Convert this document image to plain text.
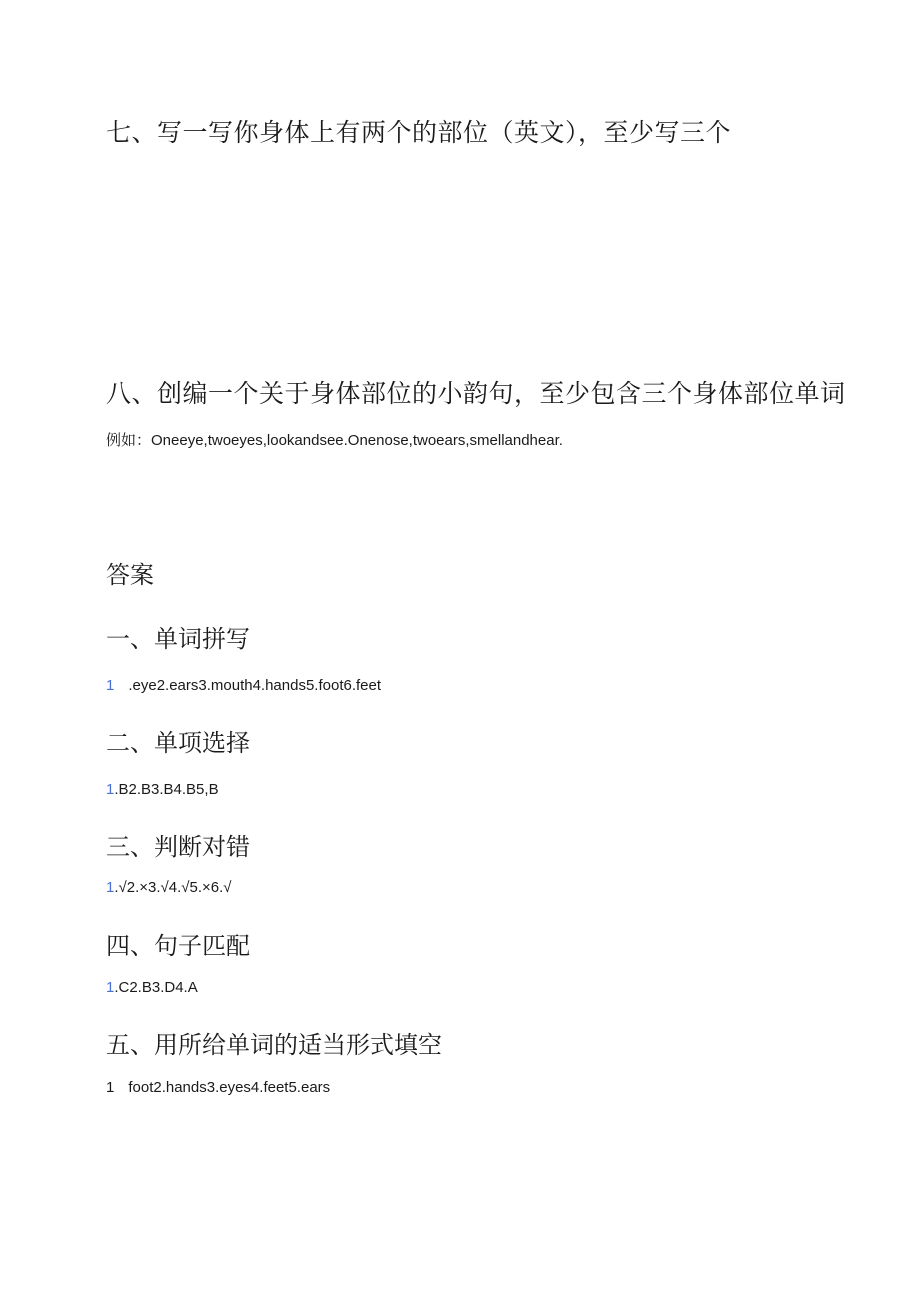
七、写一写你身体上有两个的部位（英文），至少写三个
八、创编一个关于身体部位的小韵句，至少包含三个身体部位单词
例如：Oneeye,twoeyes,lookandsee.Onenose,twoears,smellandhear.
答案
一、单词拼写
1 .eye2.ears3.mouth4.hands5.foot6.feet
二、单项选择
1.B2.B3.B4.B5,B
三、判断对错
1.√2.×3.√4.√5.×6.√
四、句子匹配
1.C2.B3.D4.A
五、用所给单词的适当形式填空
1 foot2.hands3.eyes4.feet5.ears
